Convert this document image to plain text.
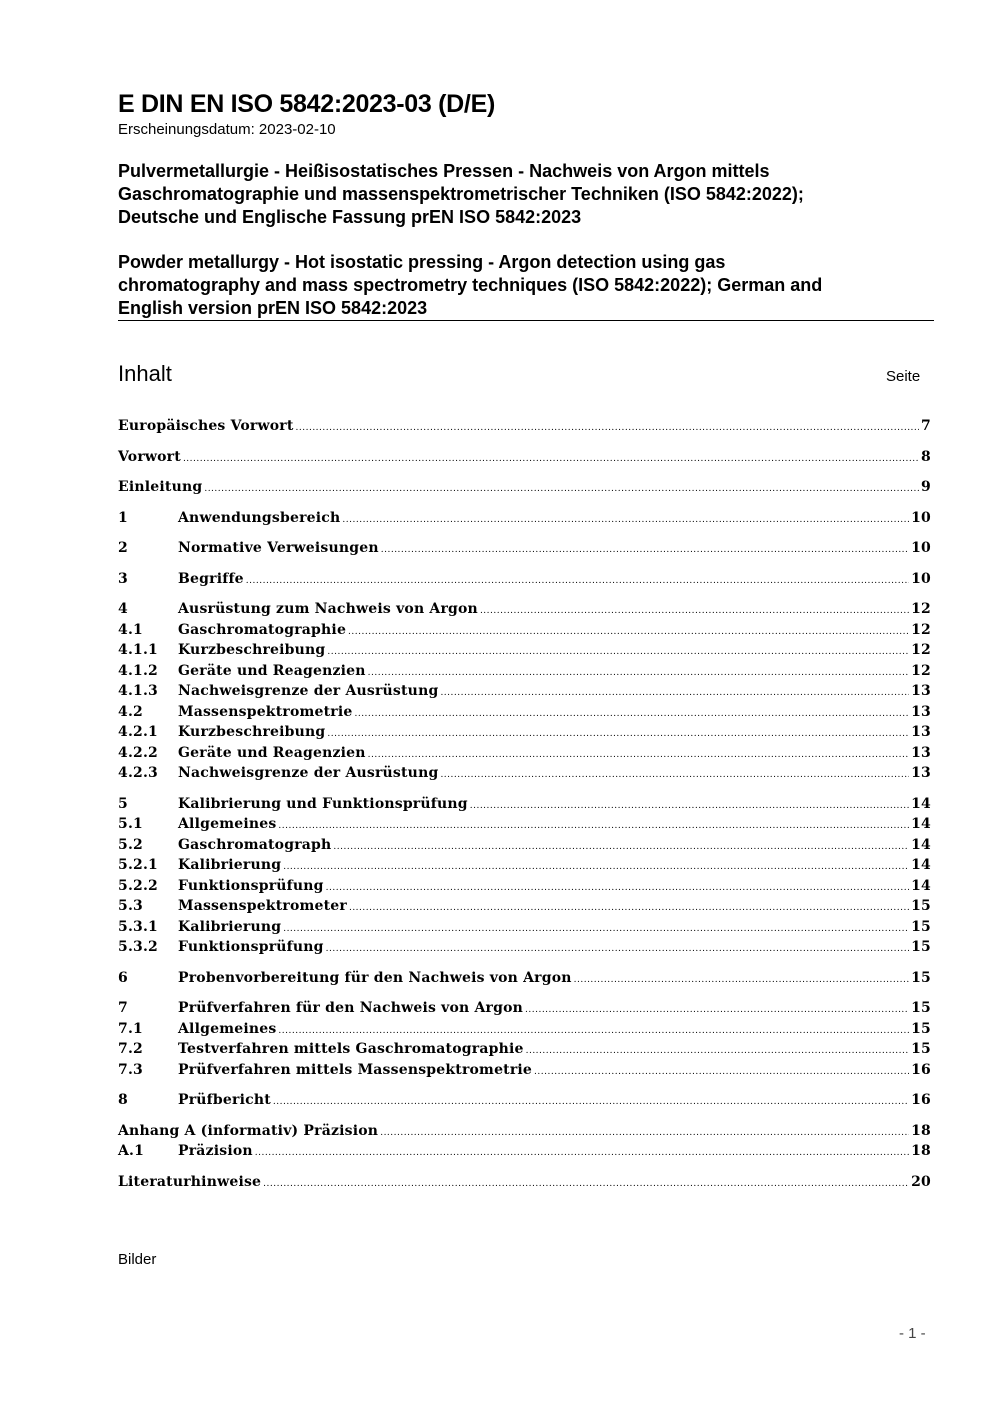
E DIN EN ISO 5842:2023-03 (D/E)
Erscheinungsdatum: 2023-02-10
Pulvermetallurgie - Heißisostatisches Pressen - Nachweis von Argon mittels
Gaschromatographie und massenspektrometrischer Techniken (ISO 5842:2022);
Deutsche und Englische Fassung prEN ISO 5842:2023
Powder metallurgy - Hot isostatic pressing - Argon detection using gas
chromatography and mass spectrometry techniques (ISO 5842:2022); German and
English version prEN ISO 5842:2023
Inhalt	Seite
Europäisches Vorwort .....	7
Vorwort .....	8
Einleitung .....	9
1	Anwendungsbereich .....	10
2	Normative Verweisungen .....	10
3	Begriffe .....	10
4	Ausrüstung zum Nachweis von Argon .....	12
4.1	Gaschromatographie .....	12
4.1.1	Kurzbeschreibung .....	12
4.1.2	Geräte und Reagenzien .....	12
4.1.3	Nachweisgrenze der Ausrüstung .....	13
4.2	Massenspektrometrie .....	13
4.2.1	Kurzbeschreibung .....	13
4.2.2	Geräte und Reagenzien .....	13
4.2.3	Nachweisgrenze der Ausrüstung .....	13
5	Kalibrierung und Funktionsprüfung .....	14
5.1	Allgemeines .....	14
5.2	Gaschromatograph .....	14
5.2.1	Kalibrierung .....	14
5.2.2	Funktionsprüfung .....	14
5.3	Massenspektrometer .....	15
5.3.1	Kalibrierung .....	15
5.3.2	Funktionsprüfung .....	15
6	Probenvorbereitung für den Nachweis von Argon .....	15
7	Prüfverfahren für den Nachweis von Argon .....	15
7.1	Allgemeines .....	15
7.2	Testverfahren mittels Gaschromatographie .....	15
7.3	Prüfverfahren mittels Massenspektrometrie .....	16
8	Prüfbericht .....	16
Anhang A (informativ) Präzision .....	18
A.1	Präzision .....	18
Literaturhinweise .....	20
Bilder
- 1 -
